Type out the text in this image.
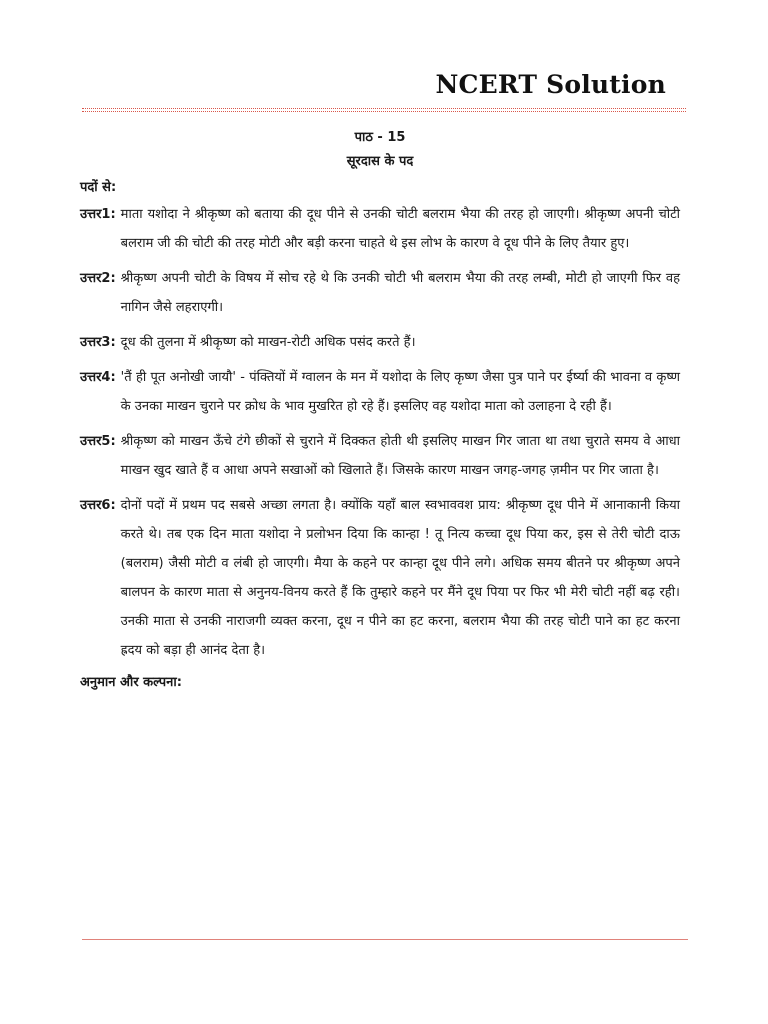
NCERT Solution
पाठ - 15
सूरदास के पद
पदों से:
उत्तर1: माता यशोदा ने श्रीकृष्ण को बताया की दूध पीने से उनकी चोटी बलराम भैया की तरह हो जाएगी। श्रीकृष्ण अपनी चोटी बलराम जी की चोटी की तरह मोटी और बड़ी करना चाहते थे इस लोभ के कारण वे दूध पीने के लिए तैयार हुए।
उत्तर2: श्रीकृष्ण अपनी चोटी के विषय में सोच रहे थे कि उनकी चोटी भी बलराम भैया की तरह लम्बी, मोटी हो जाएगी फिर वह नागिन जैसे लहराएगी।
उत्तर3: दूध की तुलना में श्रीकृष्ण को माखन-रोटी अधिक पसंद करते हैं।
उत्तर4: 'तैं ही पूत अनोखी जायौ' - पंक्तियों में ग्वालन के मन में यशोदा के लिए कृष्ण जैसा पुत्र पाने पर ईर्ष्या की भावना व कृष्ण के उनका माखन चुराने पर क्रोध के भाव मुखरित हो रहे हैं। इसलिए वह यशोदा माता को उलाहना दे रही हैं।
उत्तर5: श्रीकृष्ण को माखन ऊँचे टंगे छीकों से चुराने में दिक्कत होती थी इसलिए माखन गिर जाता था तथा चुराते समय वे आधा माखन खुद खाते हैं व आधा अपने सखाओं को खिलाते हैं। जिसके कारण माखन जगह-जगह ज़मीन पर गिर जाता है।
उत्तर6: दोनों पदों में प्रथम पद सबसे अच्छा लगता है। क्योंकि यहाँ बाल स्वभाववश प्राय: श्रीकृष्ण दूध पीने में आनाकानी किया करते थे। तब एक दिन माता यशोदा ने प्रलोभन दिया कि कान्हा ! तू नित्य कच्चा दूध पिया कर, इस से तेरी चोटी दाऊ (बलराम) जैसी मोटी व लंबी हो जाएगी। मैया के कहने पर कान्हा दूध पीने लगे। अधिक समय बीतने पर श्रीकृष्ण अपने बालपन के कारण माता से अनुनय-विनय करते हैं कि तुम्हारे कहने पर मैंने दूध पिया पर फिर भी मेरी चोटी नहीं बढ़ रही। उनकी माता से उनकी नाराजगी व्यक्त करना, दूध न पीने का हट करना, बलराम भैया की तरह चोटी पाने का हट करना ह्रदय को बड़ा ही आनंद देता है।
अनुमान और कल्पना:
